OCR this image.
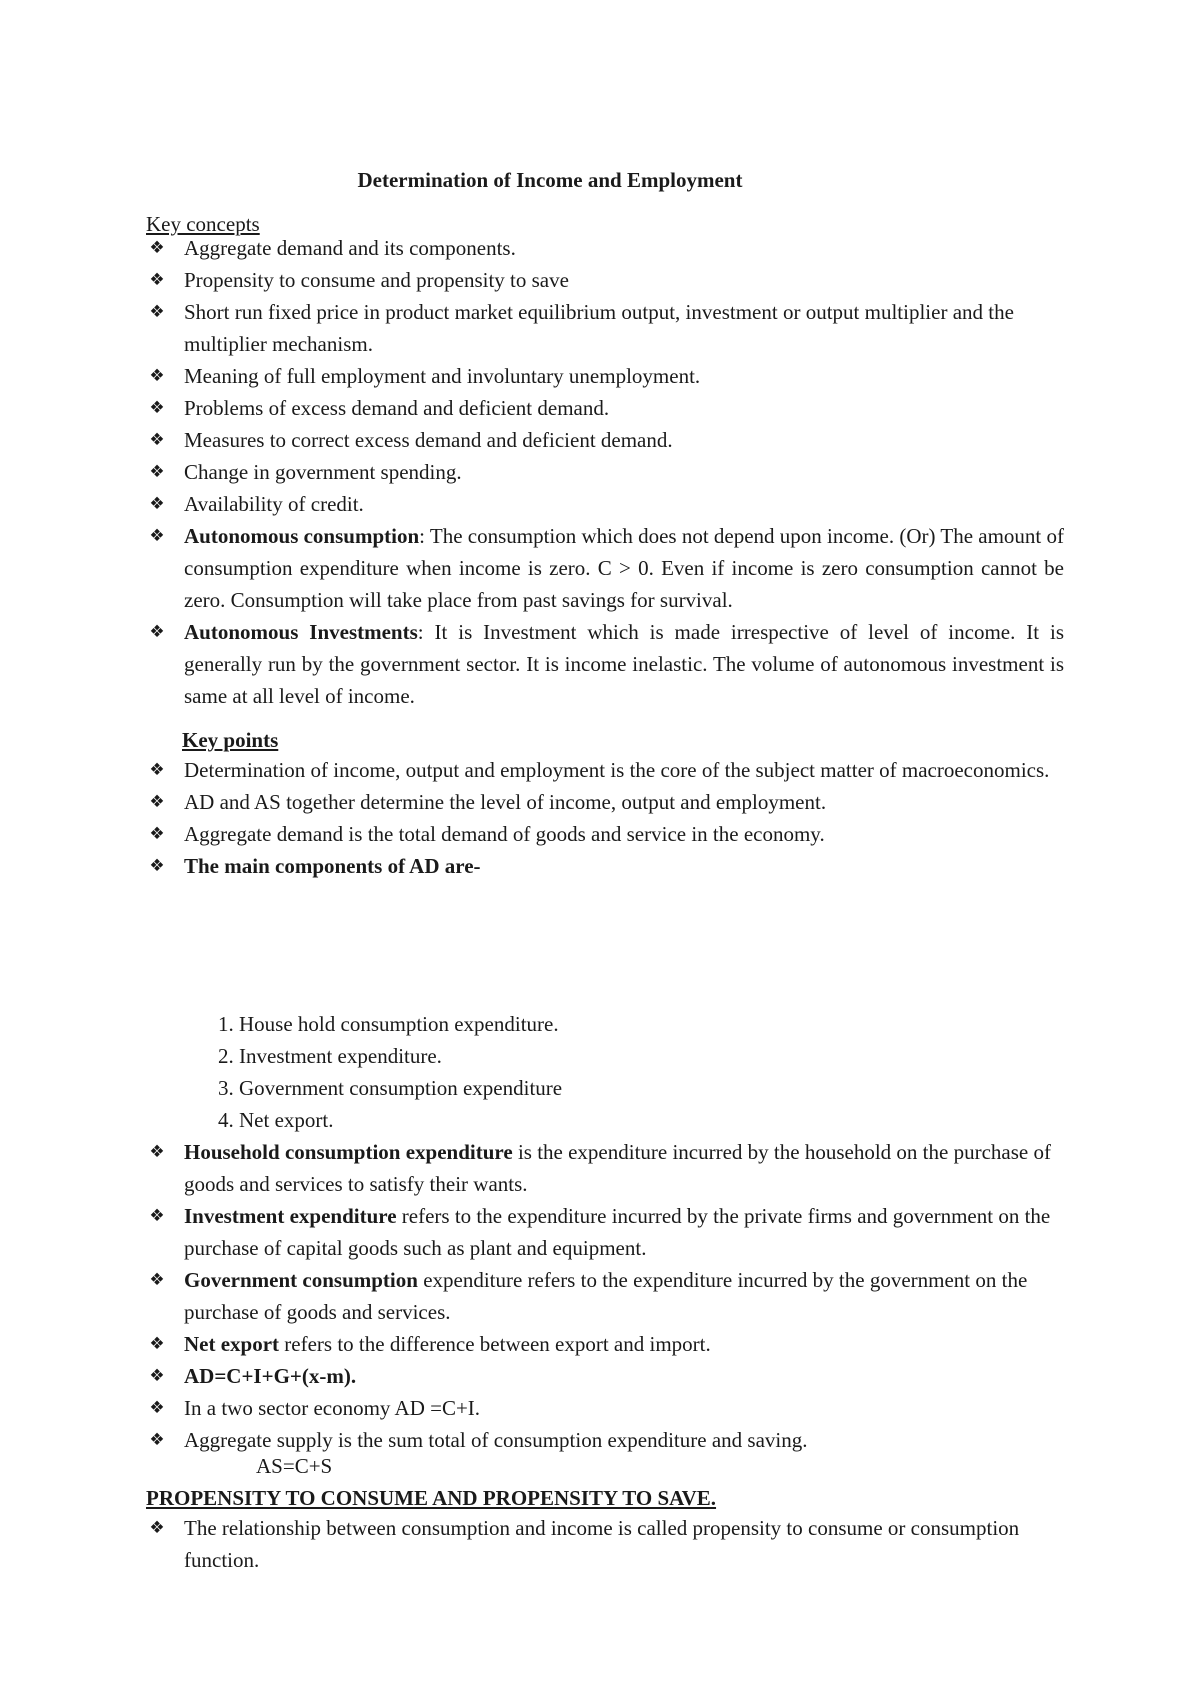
Determination of Income and Employment
Key concepts
❖ Aggregate demand and its components.
❖ Propensity to consume and propensity to save
❖ Short run fixed price in product market equilibrium output, investment or output multiplier and the multiplier mechanism.
❖ Meaning of full employment and involuntary unemployment.
❖ Problems of excess demand and deficient demand.
❖ Measures to correct excess demand and deficient demand.
❖ Change in government spending.
❖ Availability of credit.
❖ Autonomous consumption: The consumption which does not depend upon income. (Or) The amount of consumption expenditure when income is zero. C > 0. Even if income is zero consumption cannot be zero. Consumption will take place from past savings for survival.
❖ Autonomous Investments: It is Investment which is made irrespective of level of income. It is generally run by the government sector. It is income inelastic. The volume of autonomous investment is same at all level of income.
Key points
❖ Determination of income, output and employment is the core of the subject matter of macroeconomics.
❖ AD and AS together determine the level of income, output and employment.
❖ Aggregate demand is the total demand of goods and service in the economy.
❖ The main components of AD are-
1. House hold consumption expenditure.
2. Investment expenditure.
3. Government consumption expenditure
4. Net export.
❖ Household consumption expenditure is the expenditure incurred by the household on the purchase of goods and services to satisfy their wants.
❖ Investment expenditure refers to the expenditure incurred by the private firms and government on the purchase of capital goods such as plant and equipment.
❖ Government consumption expenditure refers to the expenditure incurred by the government on the purchase of goods and services.
❖ Net export refers to the difference between export and import.
❖ AD=C+I+G+(x-m).
❖ In a two sector economy AD =C+I.
❖ Aggregate supply is the sum total of consumption expenditure and saving.
AS=C+S
PROPENSITY TO CONSUME AND PROPENSITY TO SAVE.
❖ The relationship between consumption and income is called propensity to consume or consumption function.
